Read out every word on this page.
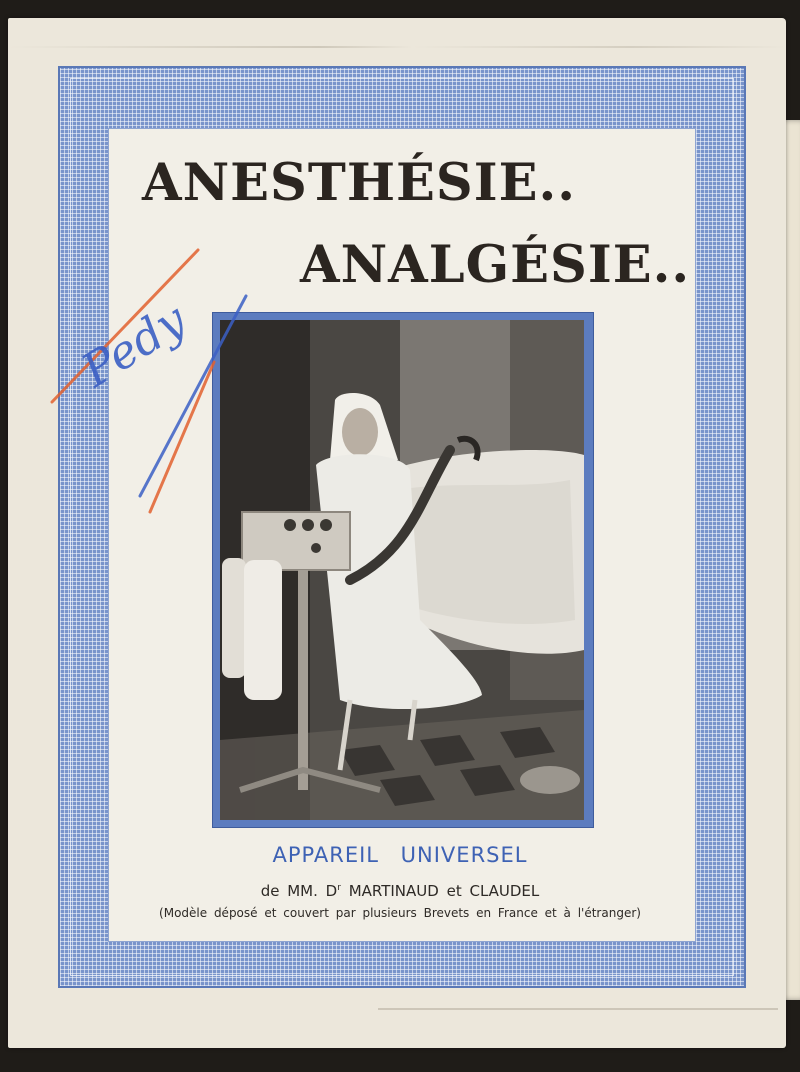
ANESTHÉSIE..
ANALGÉSIE..
APPAREIL UNIVERSEL

de MM. $D^r$ MARTINAUD et CLAUDEL

(Modèle déposé et couvert par plusieurs Brevets en France et à l'étranger)

Pedy
